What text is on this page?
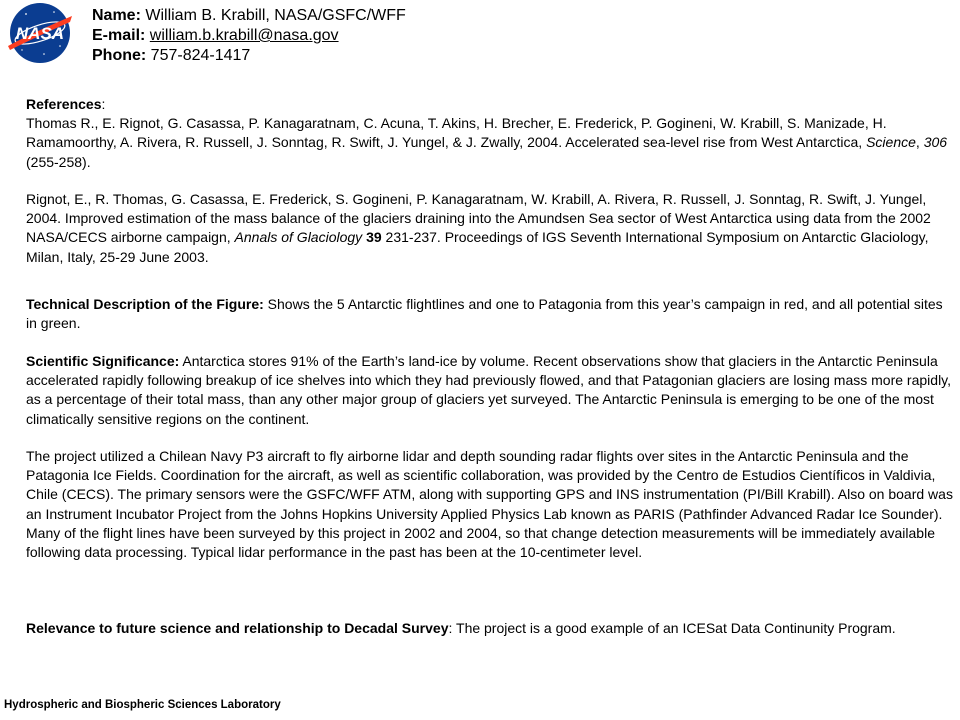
NASA
Name: William B. Krabill, NASA/GSFC/WFF
E-mail: william.b.krabill@nasa.gov
Phone: 757-824-1417

References:

Thomas R., E. Rignot, G. Casassa, P. Kanagaratnam, C. Acuna, T. Akins, H. Brecher, E. Frederick, P. Gogineni, W. Krabill, S. Manizade, H. Ramamoorthy, A. Rivera, R. Russell, J. Sonntag, R. Swift, J. Yungel, & J. Zwally, 2004. Accelerated sea-level rise from West Antarctica, Science, 306 (255-258).

Rignot, E., R. Thomas, G. Casassa, E. Frederick, S. Gogineni, P. Kanagaratnam, W. Krabill, A. Rivera, R. Russell, J. Sonntag, R. Swift, J. Yungel, 2004. Improved estimation of the mass balance of the glaciers draining into the Amundsen Sea sector of West Antarctica using data from the 2002 NASA/CECS airborne campaign, Annals of Glaciology 39 231-237. Proceedings of IGS Seventh International Symposium on Antarctic Glaciology, Milan, Italy, 25-29 June 2003.

Technical Description of the Figure: Shows the 5 Antarctic flightlines and one to Patagonia from this year’s campaign in red, and all potential sites in green.

Scientific Significance: Antarctica stores 91% of the Earth’s land-ice by volume. Recent observations show that glaciers in the Antarctic Peninsula accelerated rapidly following breakup of ice shelves into which they had previously flowed, and that Patagonian glaciers are losing mass more rapidly, as a percentage of their total mass, than any other major group of glaciers yet surveyed. The Antarctic Peninsula is emerging to be one of the most climatically sensitive regions on the continent.

The project utilized a Chilean Navy P3 aircraft to fly airborne lidar and depth sounding radar flights over sites in the Antarctic Peninsula and the Patagonia Ice Fields. Coordination for the aircraft, as well as scientific collaboration, was provided by the Centro de Estudios Científicos in Valdivia, Chile (CECS). The primary sensors were the GSFC/WFF ATM, along with supporting GPS and INS instrumentation (PI/Bill Krabill). Also on board was an Instrument Incubator Project from the Johns Hopkins University Applied Physics Lab known as PARIS (Pathfinder Advanced Radar Ice Sounder). Many of the flight lines have been surveyed by this project in 2002 and 2004, so that change detection measurements will be immediately available following data processing. Typical lidar performance in the past has been at the 10-centimeter level.

Relevance to future science and relationship to Decadal Survey: The project is a good example of an ICESat Data Continunity Program.

Hydrospheric and Biospheric Sciences Laboratory
